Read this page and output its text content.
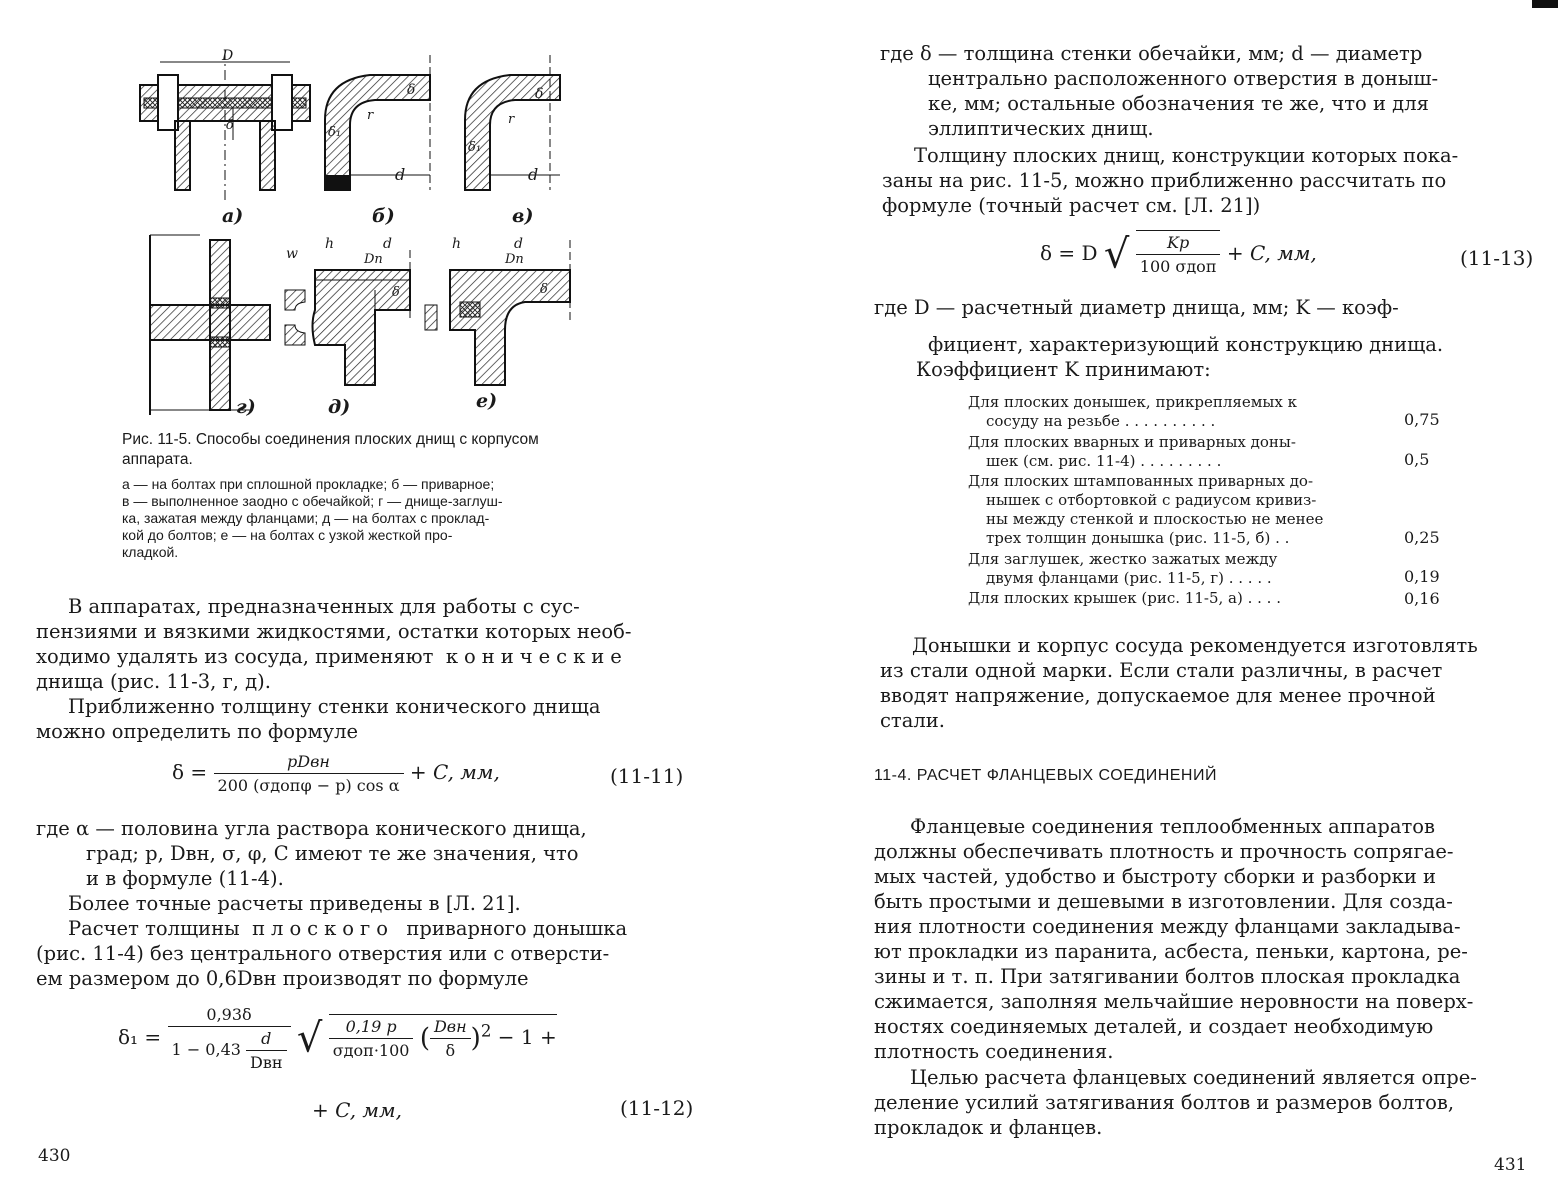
D
δ
δ
δ₁
r
d
δ
δ₁
r
d
w
h	d
Dп
δ
h	d
Dп
δ
а)	б)	в)
г)	д)	е)
Рис. 11-5. Способы соединения плоских днищ с корпусом аппарата.
а — на болтах при сплошной прокладке; б — приварное;
в — выполненное заодно с обечайкой; г — днище-заглуш-
ка, зажатая между фланцами; д — на болтах с проклад-
кой до болтов; е — на болтах с узкой жесткой про-
кладкой.
В аппаратах, предназначенных для работы с сус-
пензиями и вязкими жидкостями, остатки которых необ-
ходимо удалять из сосуда, применяют конические
днища (рис. 11-3, г, д).
Приближенно толщину стенки конического днища
можно определить по формуле
$\delta = \frac{\text{pDвн}}{\text{200 (σдопφ − p) cos α}} + C$, мм,	(11-11)
где α — половина угла раствора конического днища,
град; p, Dвн, σ, φ, C имеют те же значения, что
и в формуле (11-4).
Более точные расчеты приведены в [Л. 21].
Расчет толщины плоского приварного донышка
(рис. 11-4) без центрального отверстия или с отверсти-
ем размером до 0,6Dвн производят по формуле
$\delta_1 = \frac{0,93\delta}{1 - 0,43 \frac{d}{\text{Dвн}}}$ √ $\frac{0,19 p}{\text{σдоп·100}}$ ( $\frac{\text{Dвн}}{\delta} )^2 - 1$ +
+ C, мм,	(11-12)
430
где δ — толщина стенки обечайки, мм; d — диаметр
центрально расположенного отверстия в доныш-
ке, мм; остальные обозначения те же, что и для
эллиптических днищ.
Толщину плоских днищ, конструкции которых пока-
заны на рис. 11-5, можно приближенно рассчитать по
формуле (точный расчет см. [Л. 21])
δ = D √ $\frac{Kp}{\text{100 σдоп}} + C$, мм,	(11-13)
где D — расчетный диаметр днища, мм; K — коэф-
фициент, характеризующий конструкцию днища.
Коэффициент K принимают:
Для плоских донышек, прикрепляемых к
сосуду на резьбе . . . . . . . . . .	0,75
Для плоских вварных и приварных доны-
шек (см. рис. 11-4) . . . . . . . . .	0,5
Для плоских штампованных приварных до-
нышек с отбортовкой с радиусом кривиз-
ны между стенкой и плоскостью не менее
трех толщин донышка (рис. 11-5, б) . .	0,25
Для заглушек, жестко зажатых между
двумя фланцами (рис. 11-5, г) . . . . .	0,19
Для плоских крышек (рис. 11-5, а) . . . .	0,16
Донышки и корпус сосуда рекомендуется изготовлять
из стали одной марки. Если стали различны, в расчет
вводят напряжение, допускаемое для менее прочной
стали.
11-4. РАСЧЕТ ФЛАНЦЕВЫХ СОЕДИНЕНИЙ
Фланцевые соединения теплообменных аппаратов
должны обеспечивать плотность и прочность сопрягае-
мых частей, удобство и быстроту сборки и разборки и
быть простыми и дешевыми в изготовлении. Для созда-
ния плотности соединения между фланцами закладыва-
ют прокладки из паранита, асбеста, пеньки, картона, ре-
зины и т. п. При затягивании болтов плоская прокладка
сжимается, заполняя мельчайшие неровности на поверх-
ностях соединяемых деталей, и создает необходимую
плотность соединения.
Целью расчета фланцевых соединений является опре-
деление усилий затягивания болтов и размеров болтов,
прокладок и фланцев.
431
